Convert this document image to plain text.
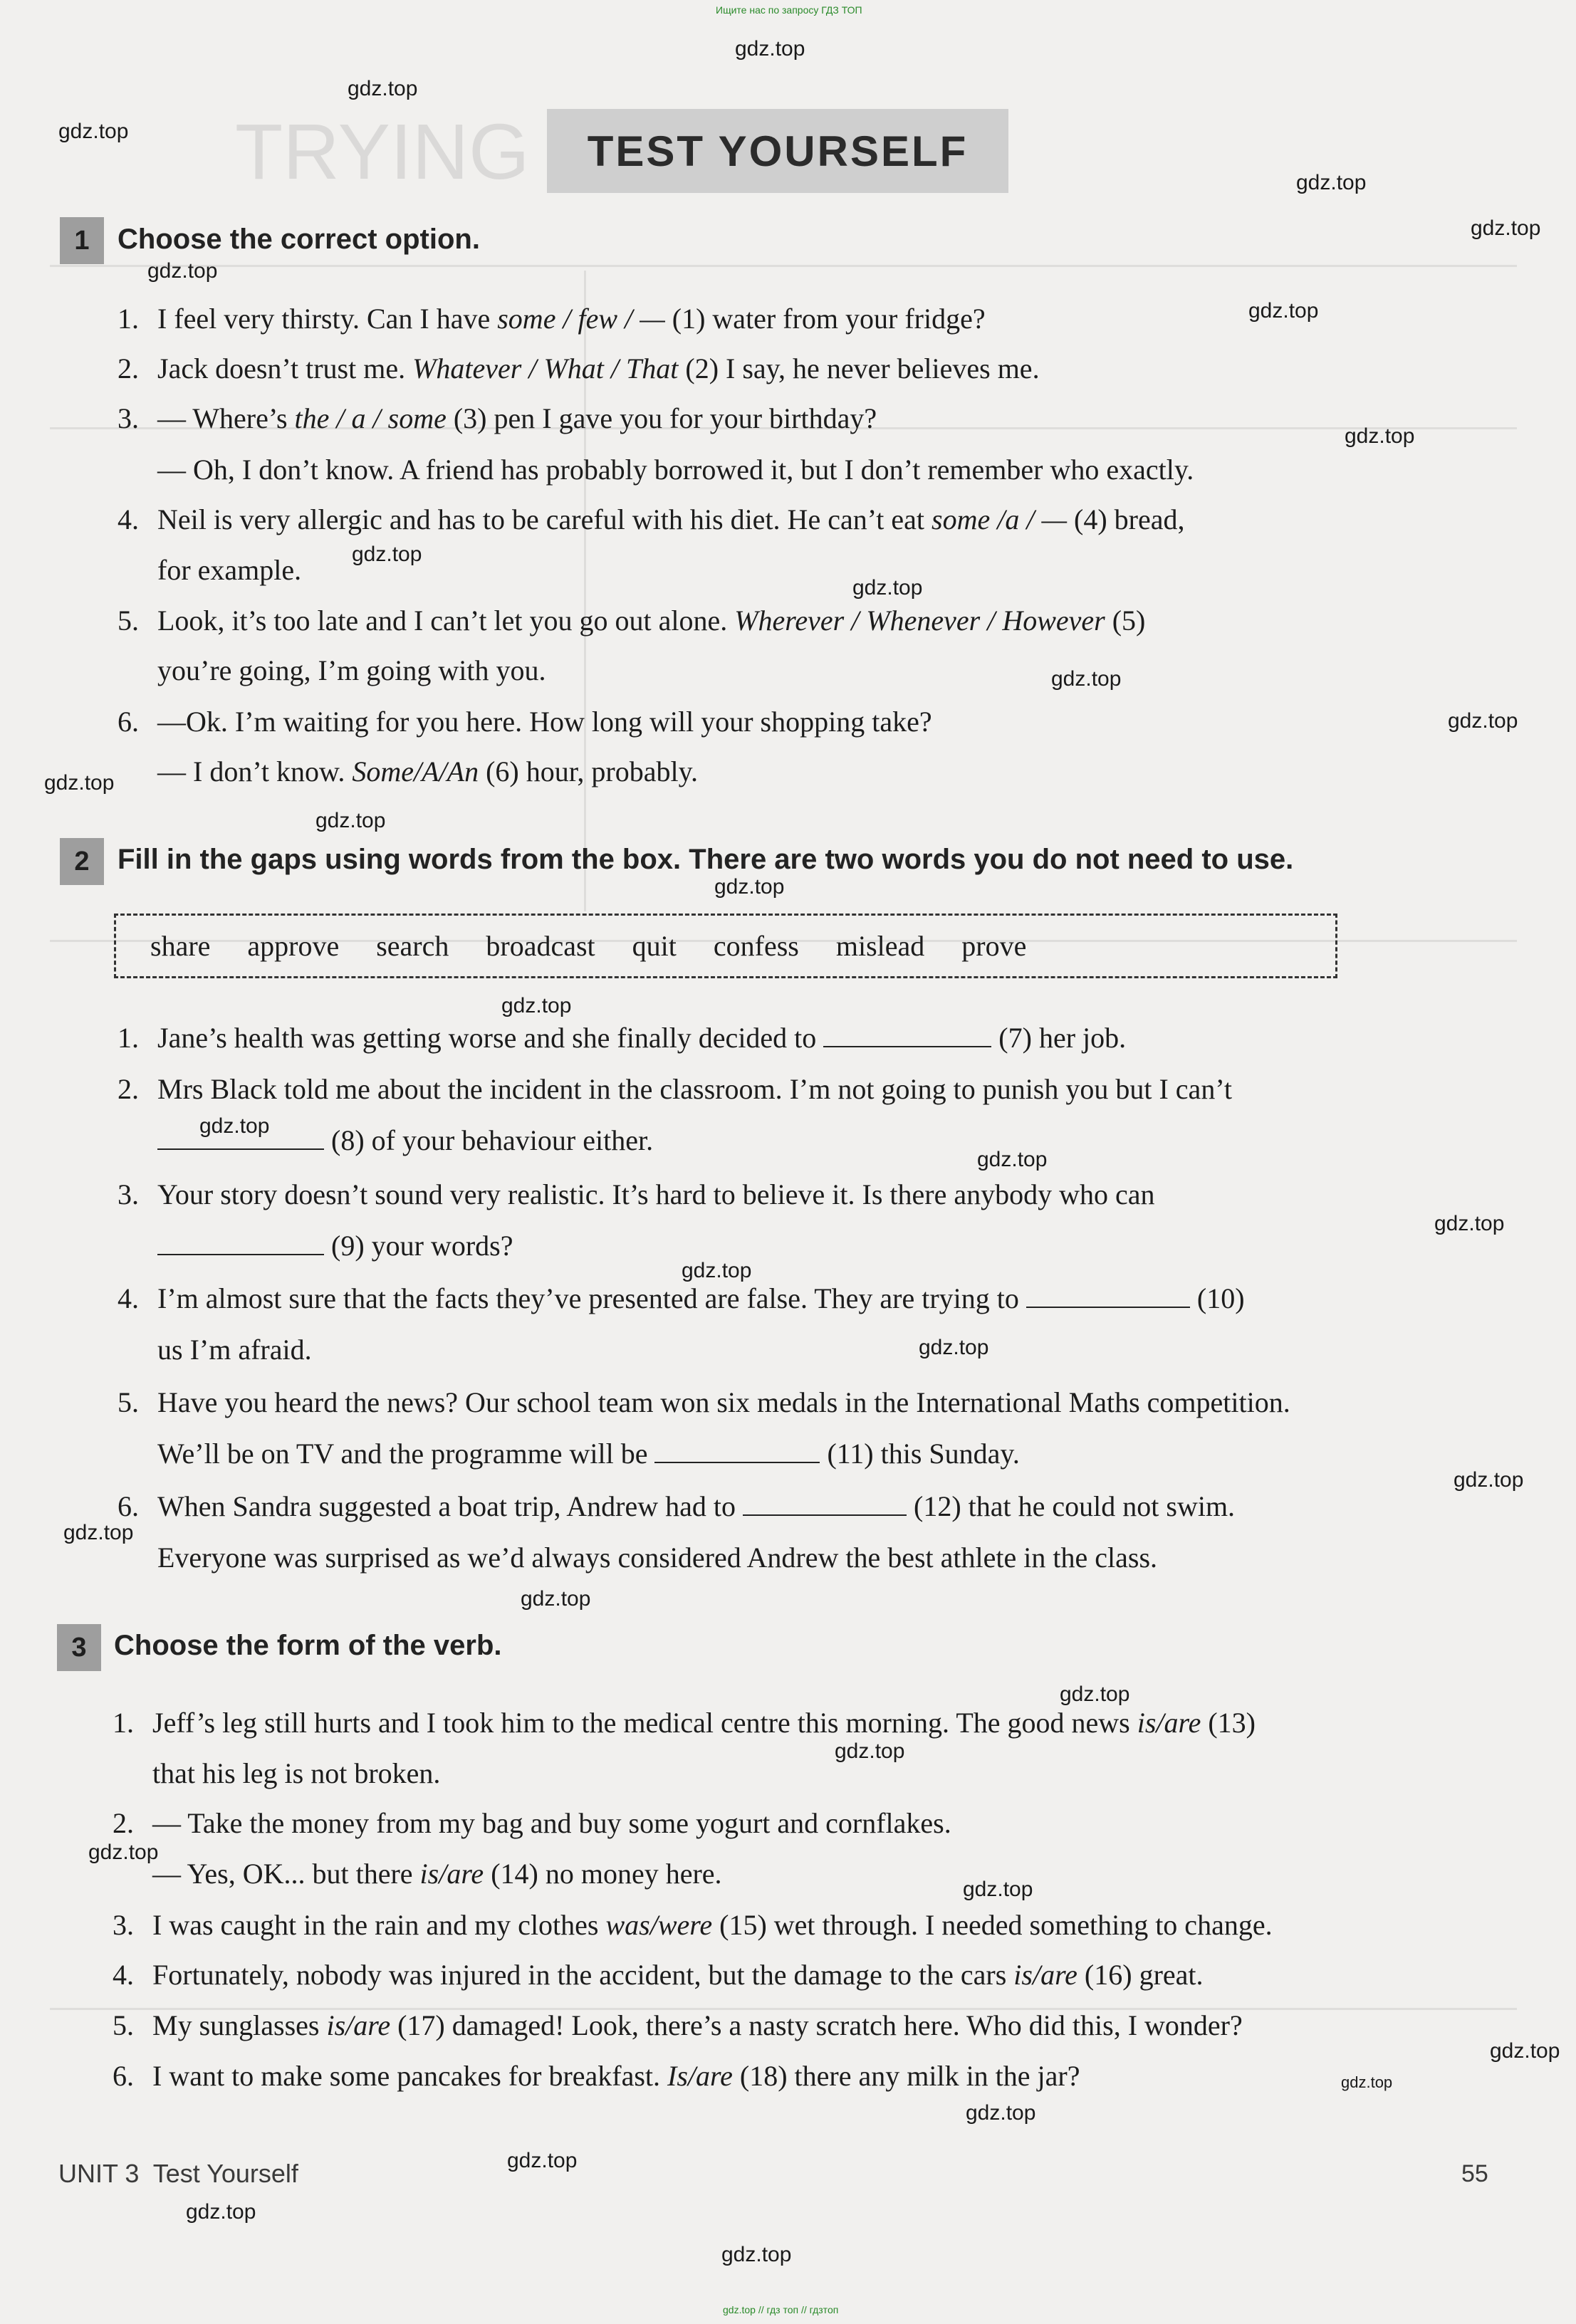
TRYING
Ищите нас по запросу ГДЗ ТОП
gdz.top // гдз топ // гдзтоп
gdz.top
gdz.top
gdz.top
gdz.top
gdz.top
gdz.top
gdz.top
gdz.top
gdz.top
gdz.top
gdz.top
gdz.top
gdz.top
gdz.top
gdz.top
gdz.top
gdz.top
gdz.top
gdz.top
gdz.top
gdz.top
gdz.top
gdz.top
gdz.top
gdz.top
gdz.top
gdz.top
gdz.top
gdz.top
gdz.top
gdz.top
gdz.top
gdz.top
gdz.top
TEST YOURSELF
1 Choose the correct option.
1. I feel very thirsty. Can I have some / few / — (1) water from your fridge?
2. Jack doesn’t trust me. Whatever / What / That (2) I say, he never believes me.
3. — Where’s the / a / some (3) pen I gave you for your birthday?
— Oh, I don’t know. A friend has probably borrowed it, but I don’t remember who exactly.
4. Neil is very allergic and has to be careful with his diet. He can’t eat some /a / — (4) bread,
for example.
5. Look, it’s too late and I can’t let you go out alone. Wherever / Whenever / However (5)
you’re going, I’m going with you.
6. —Ok. I’m waiting for you here. How long will your shopping take?
— I don’t know. Some/A/An (6) hour, probably.
2 Fill in the gaps using words from the box. There are two words you do not need to use.
share approve search broadcast quit confess mislead prove
1. Jane’s health was getting worse and she finally decided to	(7) her job.
2. Mrs Black told me about the incident in the classroom. I’m not going to punish you but I can’t
(8) of your behaviour either.
3. Your story doesn’t sound very realistic. It’s hard to believe it. Is there anybody who can
(9) your words?
4. I’m almost sure that the facts they’ve presented are false. They are trying to	(10)
us I’m afraid.
5. Have you heard the news? Our school team won six medals in the International Maths competition.
We’ll be on TV and the programme will be	(11) this Sunday.
6. When Sandra suggested a boat trip, Andrew had to	(12) that he could not swim.
Everyone was surprised as we’d always considered Andrew the best athlete in the class.
3 Choose the form of the verb.
1. Jeff’s leg still hurts and I took him to the medical centre this morning. The good news is/are (13)
that his leg is not broken.
2. — Take the money from my bag and buy some yogurt and cornflakes.
— Yes, OK... but there is/are (14) no money here.
3. I was caught in the rain and my clothes was/were (15) wet through. I needed something to change.
4. Fortunately, nobody was injured in the accident, but the damage to the cars is/are (16) great.
5. My sunglasses is/are (17) damaged! Look, there’s a nasty scratch here. Who did this, I wonder?
6. I want to make some pancakes for breakfast. Is/are (18) there any milk in the jar?
UNIT 3 Test Yourself	55
